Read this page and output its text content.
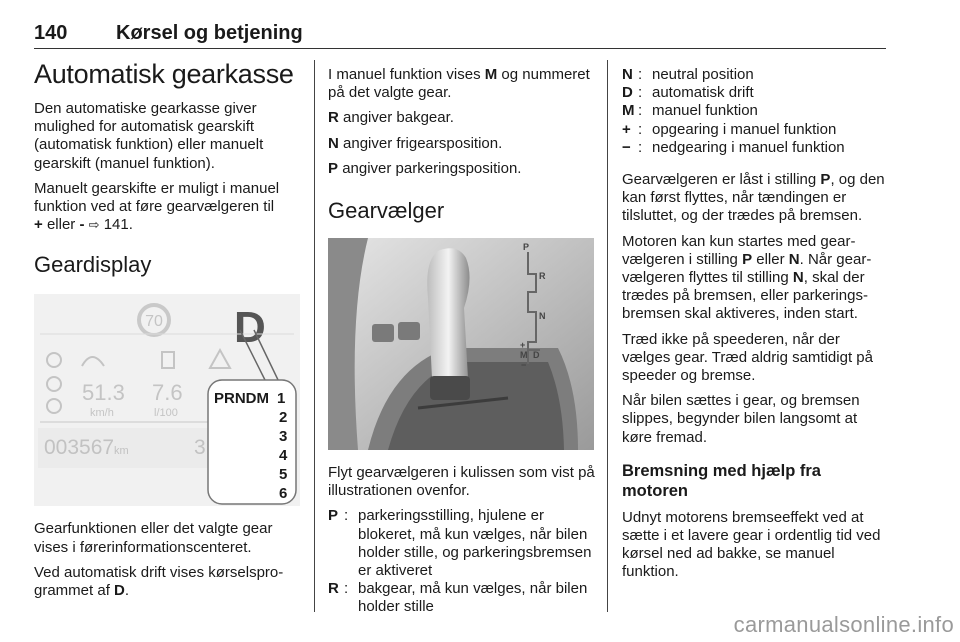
140 Kørsel og betjening
Automatisk gearkasse

Den automatiske gearkasse giver mulighed for automatisk gearskift (automatisk funktion) eller manuelt gearskift (manuel funktion).

Manuelt gearskifte er muligt i manuel funktion ved at føre gearvælgeren til
+ eller - ⇨ 141.

Geardisplay
70 D
51.3
km/h
7.6
l/100
003567 km	3
PRNDM 1
2
3
4
5
6

Gearfunktionen eller det valgte gear vises i førerinformationscenteret.

Ved automatisk drift vises kørselsprogrammet af D.

I manuel funktion vises M og nummeret på det valgte gear.

R angiver bakgear.

N angiver frigearsposition.

P angiver parkeringsposition.

Gearvælger
P
R
N
+
M D
−

Flyt gearvælgeren i kulissen som vist på illustrationen ovenfor.

P : parkeringsstilling, hjulene er blokeret, må kun vælges, når bilen holder stille, og parkeringsbremsen er aktiveret
R : bakgear, må kun vælges, når bilen holder stille
N : neutral position
D : automatisk drift
M : manuel funktion
+ : opgearing i manuel funktion
− : nedgearing i manuel funktion

Gearvælgeren er låst i stilling P, og den kan først flyttes, når tændingen er tilsluttet, og der trædes på bremsen.

Motoren kan kun startes med gearvælgeren i stilling P eller N. Når gearvælgeren flyttes til stilling N, skal der trædes på bremsen, eller parkeringsbremsen skal aktiveres, inden start.

Træd ikke på speederen, når der vælges gear. Træd aldrig samtidigt på speeder og bremse.

Når bilen sættes i gear, og bremsen slippes, begynder bilen langsomt at køre fremad.

Bremsning med hjælp fra motoren

Udnyt motorens bremseeffekt ved at sætte i et lavere gear i ordentlig tid ved kørsel ned ad bakke, se manuel funktion.

carmanualsonline.info
